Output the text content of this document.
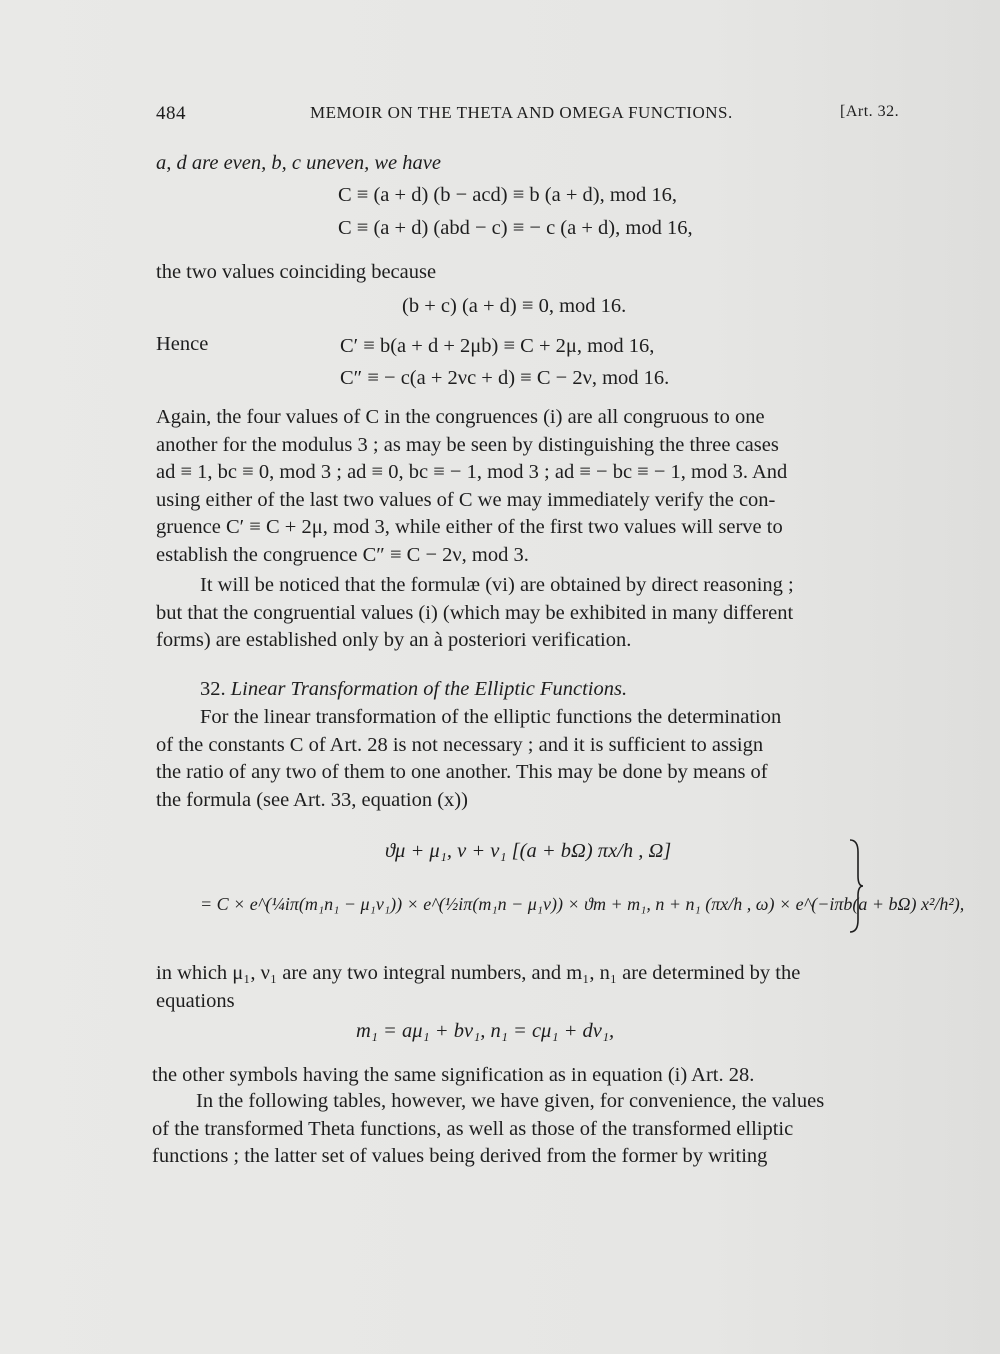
484	MEMOIR ON THE THETA AND OMEGA FUNCTIONS.	[Art. 32.
a, d are even, b, c uneven, we have
C ≡ (a + d) (b − acd) ≡ b (a + d), mod 16,
C ≡ (a + d) (abd − c) ≡ − c (a + d), mod 16,
the two values coinciding because
(b + c) (a + d) ≡ 0, mod 16.
Hence	C′ ≡ b(a + d + 2μb) ≡ C + 2μ, mod 16,
C″ ≡ − c(a + 2νc + d) ≡ C − 2ν, mod 16.
Again, the four values of C in the congruences (i) are all congruous to one
another for the modulus 3 ; as may be seen by distinguishing the three cases
ad ≡ 1, bc ≡ 0, mod 3 ; ad ≡ 0, bc ≡ − 1, mod 3 ; ad ≡ − bc ≡ − 1, mod 3. And
using either of the last two values of C we may immediately verify the con-
gruence C′ ≡ C + 2μ, mod 3, while either of the first two values will serve to
establish the congruence C″ ≡ C − 2ν, mod 3.
It will be noticed that the formulæ (vi) are obtained by direct reasoning ;
but that the congruential values (i) (which may be exhibited in many different
forms) are established only by an à posteriori verification.
32. Linear Transformation of the Elliptic Functions.
For the linear transformation of the elliptic functions the determination
of the constants C of Art. 28 is not necessary ; and it is sufficient to assign
the ratio of any two of them to one another. This may be done by means of
the formula (see Art. 33, equation (x))
ϑμ + μ₁, ν + ν₁ [(a + bΩ) πx/h , Ω]
= C × e^(¼iπ(m₁n₁ − μ₁ν₁)) × e^(½iπ(m₁n − μ₁ν)) × ϑm + m₁, n + n₁ (πx/h , ω) × e^(−iπb(a + bΩ) x²/h²),
in which μ₁, ν₁ are any two integral numbers, and m₁, n₁ are determined by the
equations
m₁ = aμ₁ + bν₁, n₁ = cμ₁ + dν₁,
the other symbols having the same signification as in equation (i) Art. 28.
In the following tables, however, we have given, for convenience, the values
of the transformed Theta functions, as well as those of the transformed elliptic
functions ; the latter set of values being derived from the former by writing
